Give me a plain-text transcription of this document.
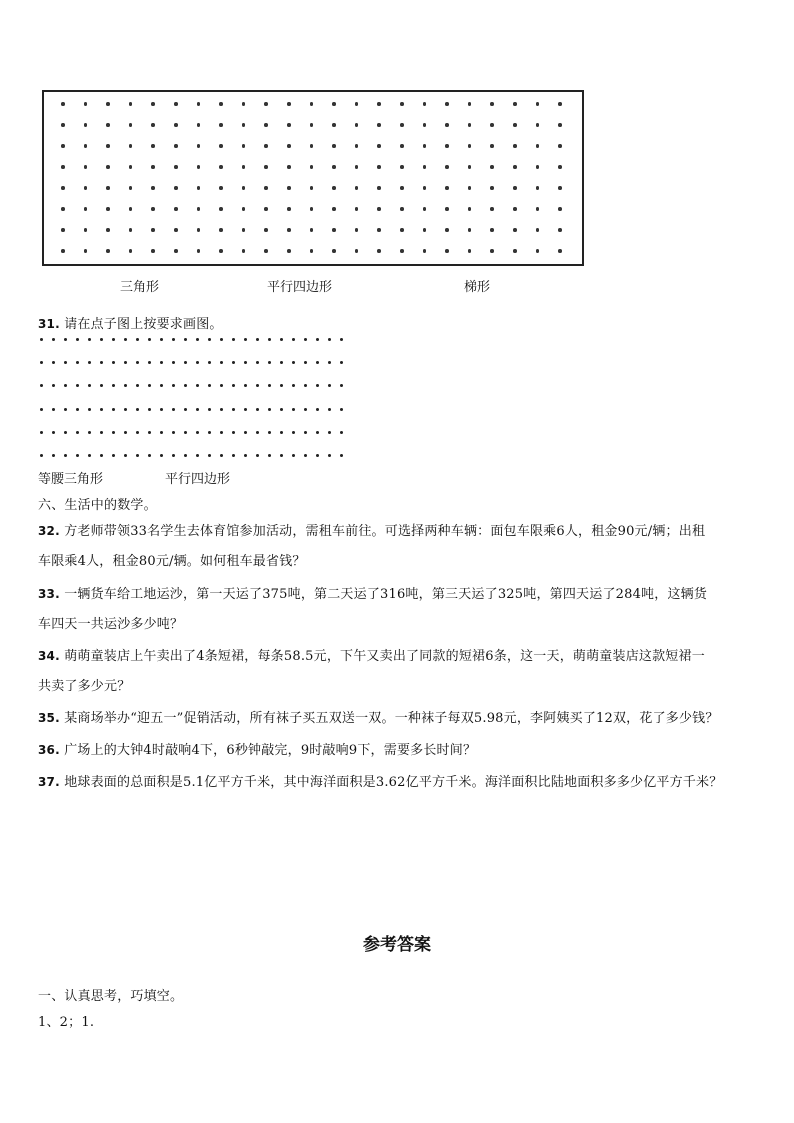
三角形	平行四边形	梯形
31. 请在点子图上按要求画图。
等腰三角形	平行四边形
六、生活中的数学。
32. 方老师带领33名学生去体育馆参加活动，需租车前往。可选择两种车辆：面包车限乘6人，租金90元/辆；出租
车限乘4人，租金80元/辆。如何租车最省钱？
33. 一辆货车给工地运沙，第一天运了375吨，第二天运了316吨，第三天运了325吨，第四天运了284吨，这辆货
车四天一共运沙多少吨？
34. 萌萌童装店上午卖出了4条短裙，每条58.5元，下午又卖出了同款的短裙6条，这一天，萌萌童装店这款短裙一
共卖了多少元？
35. 某商场举办“迎五一”促销活动，所有袜子买五双送一双。一种袜子每双5.98元，李阿姨买了12双，花了多少钱？
36. 广场上的大钟4时敲响4下，6秒钟敲完，9时敲响9下，需要多长时间？
37. 地球表面的总面积是5.1亿平方千米，其中海洋面积是3.62亿平方千米。海洋面积比陆地面积多多少亿平方千米？
参考答案
一、认真思考，巧填空。
1、2；1.
